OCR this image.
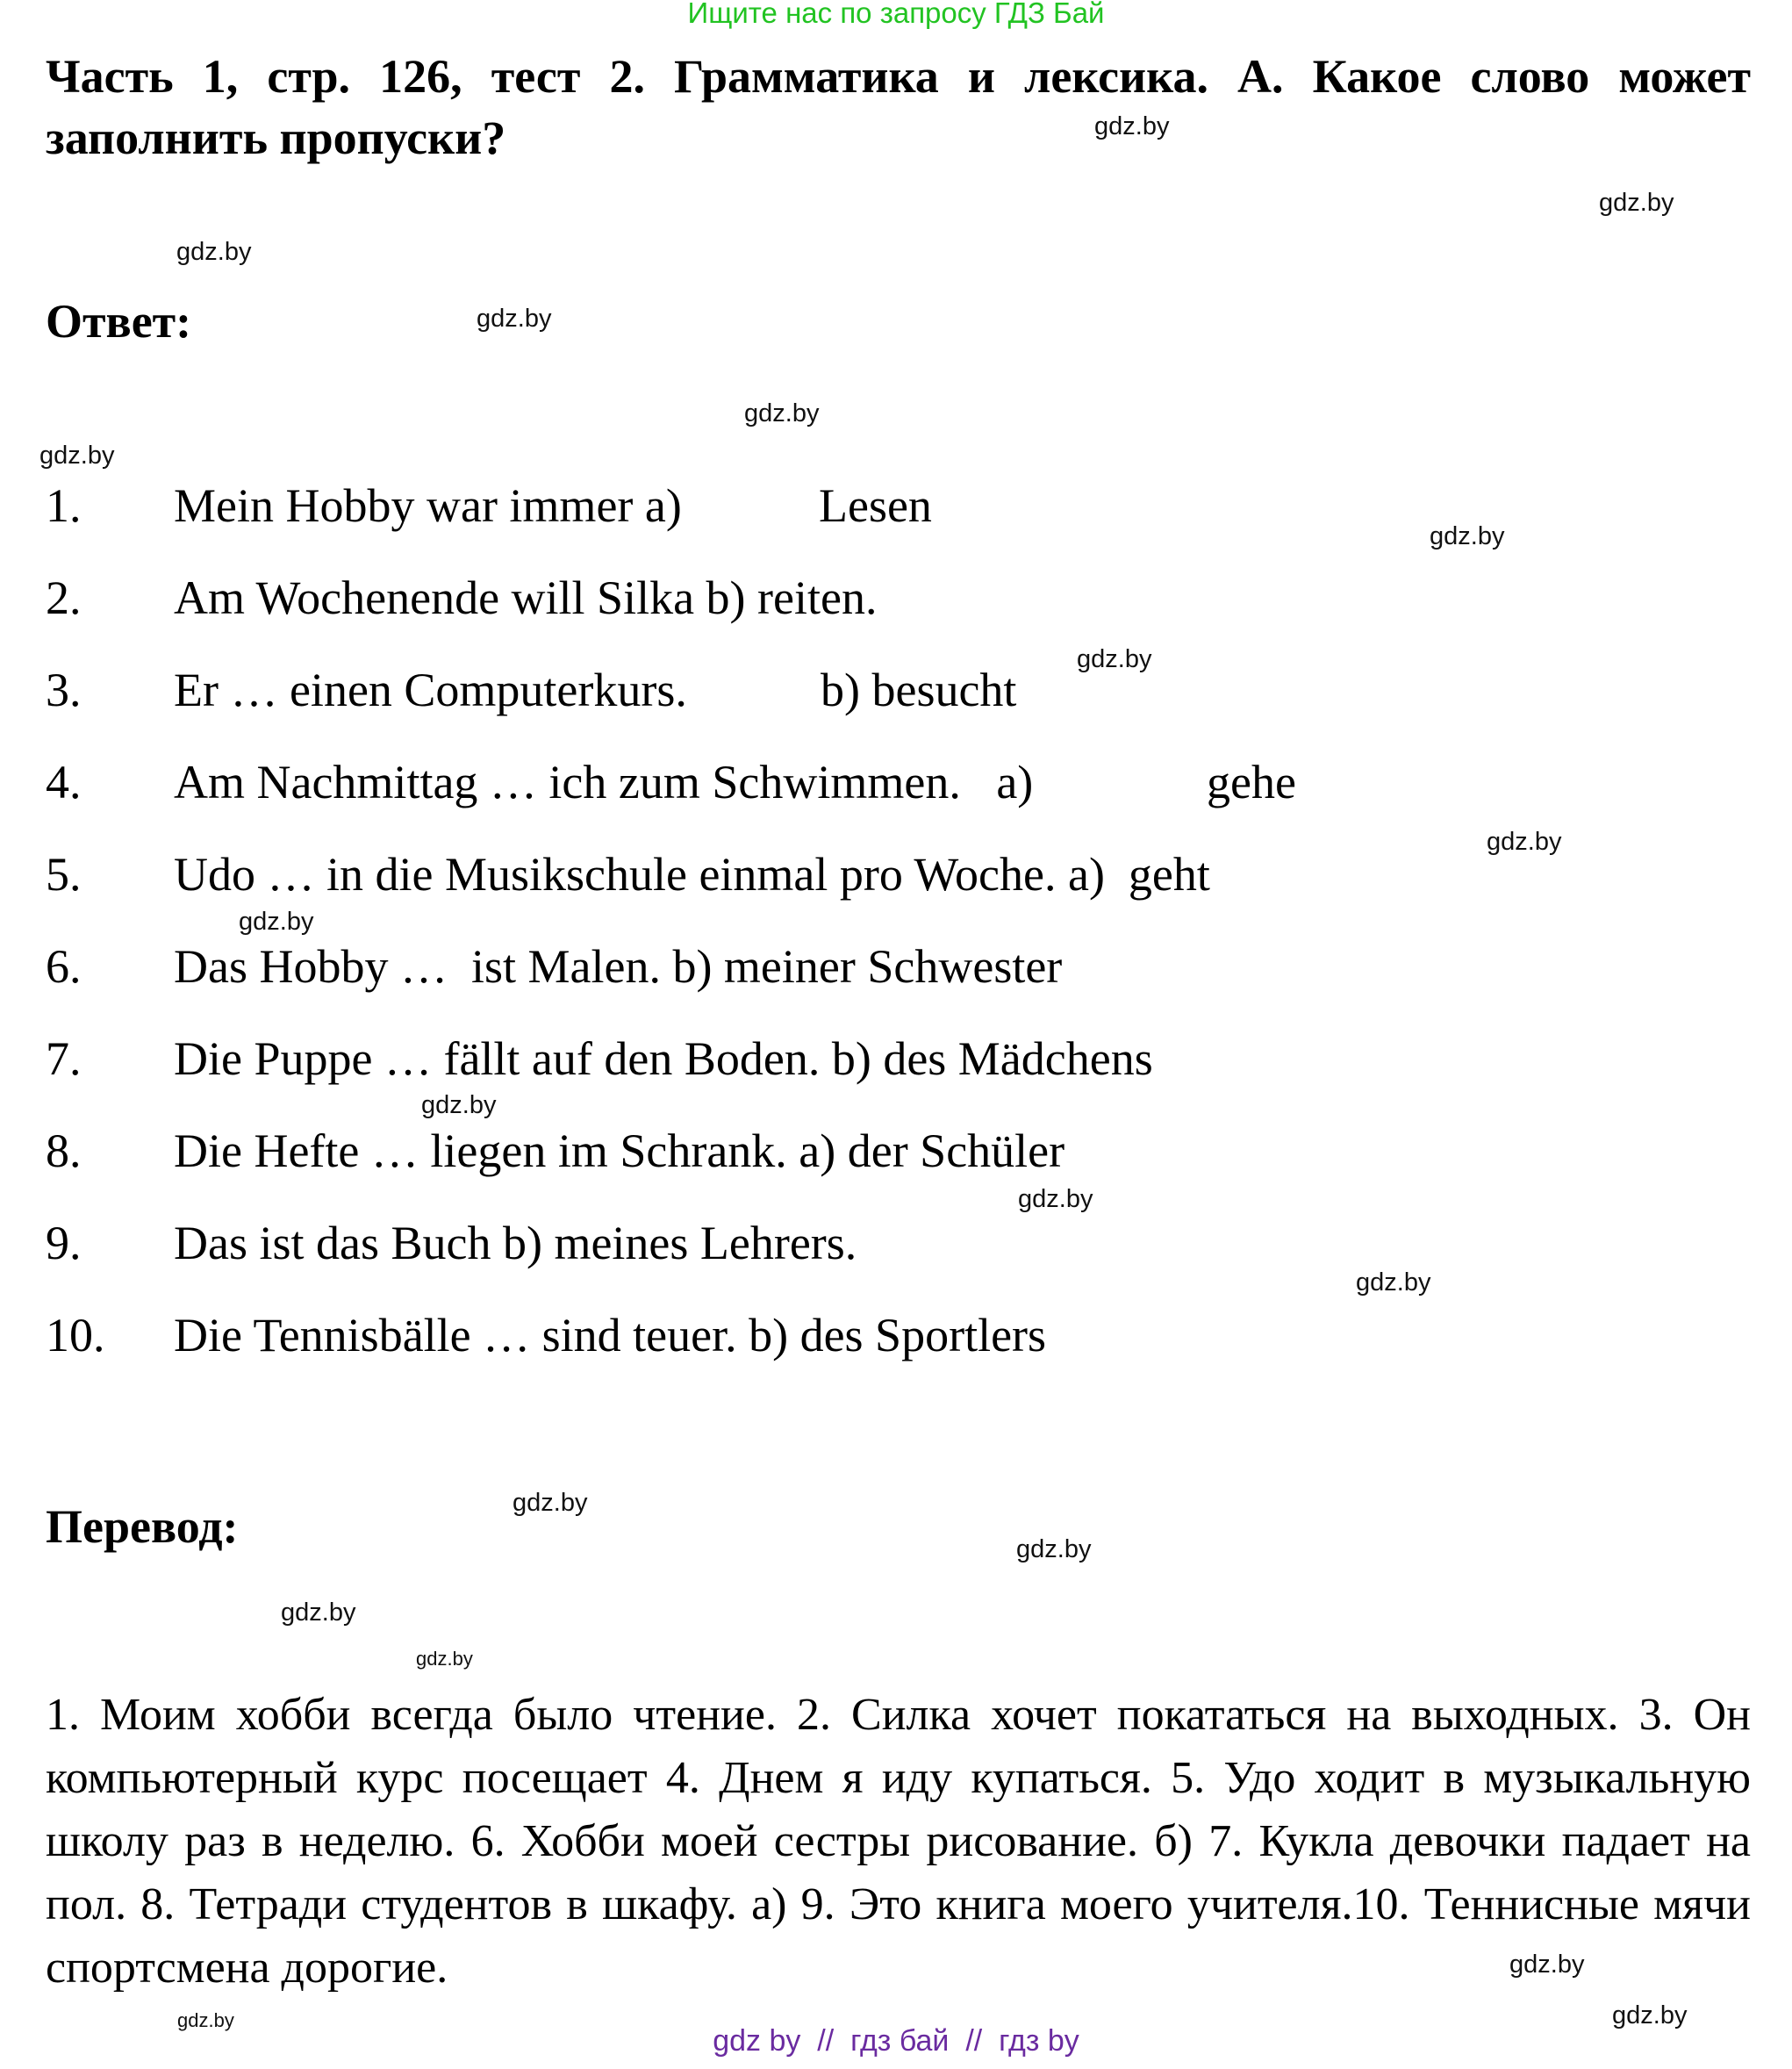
Ищите нас по запросу ГДЗ Бай
Часть 1, стр. 126, тест 2. Грамматика и лексика. А. Какое слово может заполнить пропуски?
Ответ:
1. Mein Hobby war immer a)	Lesen
2. Am Wochenende will Silka b) reiten.
3. Er … einen Computerkurs.	b) besucht
4. Am Nachmittag … ich zum Schwimmen.   a)	gehe
5. Udo … in die Musikschule einmal pro Woche. a)  geht
6. Das Hobby …  ist Malen. b) meiner Schwester
7. Die Puppe … fällt auf den Boden. b) des Mädchens
8. Die Hefte … liegen im Schrank. a) der Schüler
9. Das ist das Buch b) meines Lehrers.
10. Die Tennisbälle … sind teuer. b) des Sportlers
Перевод:
1. Моим хобби всегда было чтение. 2. Силка хочет покататься на выходных. 3. Он компьютерный курс посещает 4. Днем я иду купаться. 5. Удо ходит в музыкальную школу раз в неделю. 6. Хобби моей сестры рисование. б) 7. Кукла девочки падает на пол. 8. Тетради студентов в шкафу. а) 9. Это книга моего учителя.10. Теннисные мячи спортсмена дорогие.
gdz.by
gdz.by
gdz.by
gdz.by
gdz.by
gdz.by
gdz.by
gdz.by
gdz.by
gdz.by
gdz.by
gdz.by
gdz.by
gdz.by
gdz.by
gdz.by
gdz.by
gdz.by
gdz.by
gdz.by
gdz by  //  гдз бай  //  гдз by
